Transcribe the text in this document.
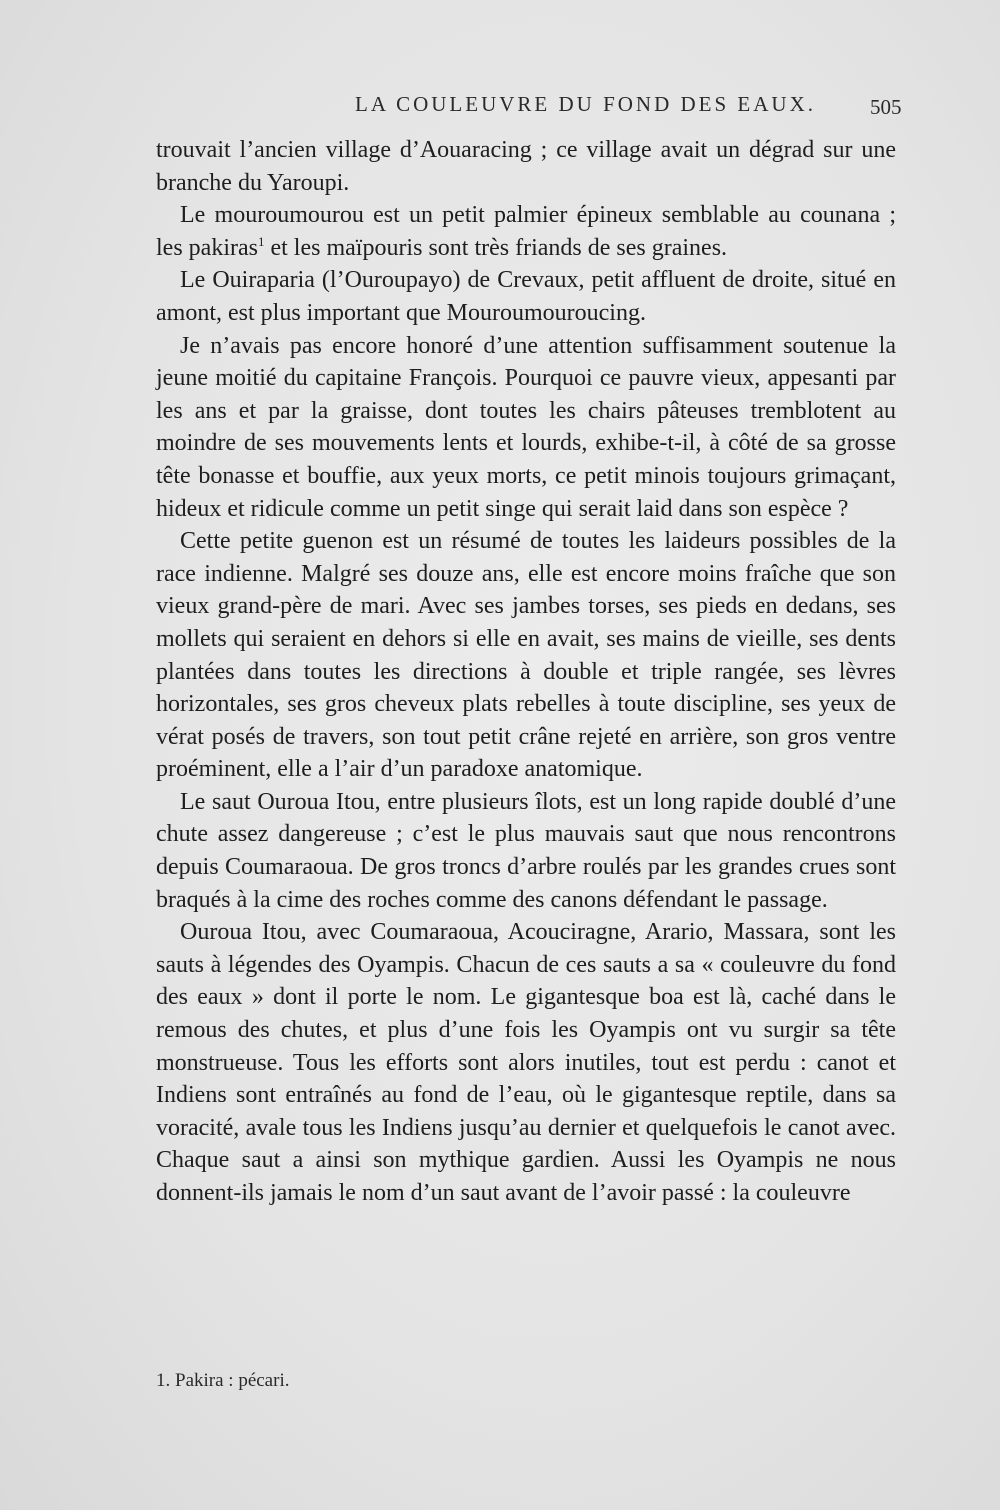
LA COULEUVRE DU FOND DES EAUX.	505

trouvait l’ancien village d’Aouaracing ; ce village avait un dégrad sur une branche du Yaroupi.

Le mouroumourou est un petit palmier épineux semblable au counana ; les pakiras$^1$ et les maïpouris sont très friands de ses graines.

Le Ouiraparia (l’Ouroupayo) de Crevaux, petit affluent de droite, situé en amont, est plus important que Mouroumouroucing.

Je n’avais pas encore honoré d’une attention suffisamment soutenue la jeune moitié du capitaine François. Pourquoi ce pauvre vieux, appesanti par les ans et par la graisse, dont toutes les chairs pâteuses tremblotent au moindre de ses mouvements lents et lourds, exhibe-t-il, à côté de sa grosse tête bonasse et bouffie, aux yeux morts, ce petit minois toujours grimaçant, hideux et ridicule comme un petit singe qui serait laid dans son espèce ?

Cette petite guenon est un résumé de toutes les laideurs possibles de la race indienne. Malgré ses douze ans, elle est encore moins fraîche que son vieux grand-père de mari. Avec ses jambes torses, ses pieds en dedans, ses mollets qui seraient en dehors si elle en avait, ses mains de vieille, ses dents plantées dans toutes les directions à double et triple rangée, ses lèvres horizontales, ses gros cheveux plats rebelles à toute discipline, ses yeux de vérat posés de travers, son tout petit crâne rejeté en arrière, son gros ventre proéminent, elle a l’air d’un paradoxe anatomique.

Le saut Ouroua Itou, entre plusieurs îlots, est un long rapide doublé d’une chute assez dangereuse ; c’est le plus mauvais saut que nous rencontrons depuis Coumaraoua. De gros troncs d’arbre roulés par les grandes crues sont braqués à la cime des roches comme des canons défendant le passage.

Ouroua Itou, avec Coumaraoua, Acouciragne, Arario, Massara, sont les sauts à légendes des Oyampis. Chacun de ces sauts a sa « couleuvre du fond des eaux » dont il porte le nom. Le gigantesque boa est là, caché dans le remous des chutes, et plus d’une fois les Oyampis ont vu surgir sa tête monstrueuse. Tous les efforts sont alors inutiles, tout est perdu : canot et Indiens sont entraînés au fond de l’eau, où le gigantesque reptile, dans sa voracité, avale tous les Indiens jusqu’au dernier et quelquefois le canot avec. Chaque saut a ainsi son mythique gardien. Aussi les Oyampis ne nous donnent-ils jamais le nom d’un saut avant de l’avoir passé : la couleuvre

1. Pakira : pécari.
